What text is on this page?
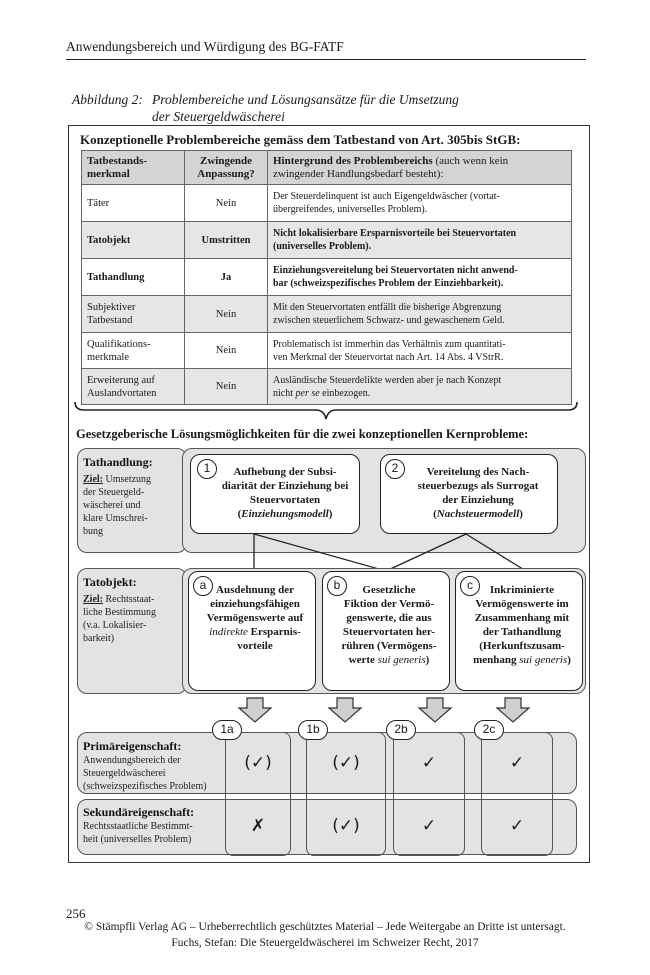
Anwendungsbereich und Würdigung des BG-FATF
Abbildung 2: Problembereiche und Lösungsansätze für die Umsetzung
der Steuergeldwäscherei
Konzeptionelle Problembereiche gemäss dem Tatbestand von Art. 305bis StGB:
Tatbestands-
merkmal	Zwingende
Anpassung?	Hintergrund des Problembereichs (auch wenn kein
zwingender Handlungsbedarf besteht):
Täter	Nein	Der Steuerdelinquent ist auch Eigengeldwäscher (vortat-
übergreifendes, universelles Problem).
Tatobjekt	Umstritten	Nicht lokalisierbare Ersparnisvorteile bei Steuervortaten
(universelles Problem).
Tathandlung	Ja	Einziehungsvereitelung bei Steuervortaten nicht anwend-
bar (schweizspezifisches Problem der Einziehbarkeit).
Subjektiver
Tatbestand	Nein	Mit den Steuervortaten entfällt die bisherige Abgrenzung
zwischen steuerlichem Schwarz- und gewaschenem Geld.
Qualifikations-
merkmale	Nein	Problematisch ist immerhin das Verhältnis zum quantitati-
ven Merkmal der Steuervortat nach Art. 14 Abs. 4 VStrR.
Erweiterung auf
Auslandvortaten	Nein	Ausländische Steuerdelikte werden aber je nach Konzept
nicht per se einbezogen.
Gesetzgeberische Lösungsmöglichkeiten für die zwei konzeptionellen Kernprobleme:
Tathandlung:
Ziel: Umsetzung
der Steuergeld-
wäscherei und
klare Umschrei-
bung
1	Aufhebung der Subsi-
diarität der Einziehung bei
Steuervortaten
(Einziehungsmodell)
2	Vereitelung des Nach-
steuerbezugs als Surrogat
der Einziehung
(Nachsteuermodell)
Tatobjekt:
Ziel: Rechtsstaat-
liche Bestimmung
(v.a. Lokalisier-
barkeit)
a Ausdehnung der
einziehungsfähigen
Vermögenswerte auf
indirekte Ersparnis-
vorteile
b	Gesetzliche
Fiktion der Vermö-
genswerte, die aus
Steuervortaten her-
rühren (Vermögens-
werte sui generis)
c	Inkriminierte
Vermögenswerte im
Zusammenhang mit
der Tathandlung
(Herkunftszusam-
menhang sui generis)
1a	1b	2b	2c
Primäreigenschaft:
Anwendungsbereich der
Steuergeldwäscherei
(schweizspezifisches Problem)
(✓)	(✓)	✓	✓
Sekundäreigenschaft:
Rechtsstaatliche Bestimmt-
heit (universelles Problem)
✗	(✓)	✓	✓
256
© Stämpfli Verlag AG – Urheberrechtlich geschütztes Material – Jede Weitergabe an Dritte ist untersagt.
Fuchs, Stefan: Die Steuergeldwäscherei im Schweizer Recht, 2017
